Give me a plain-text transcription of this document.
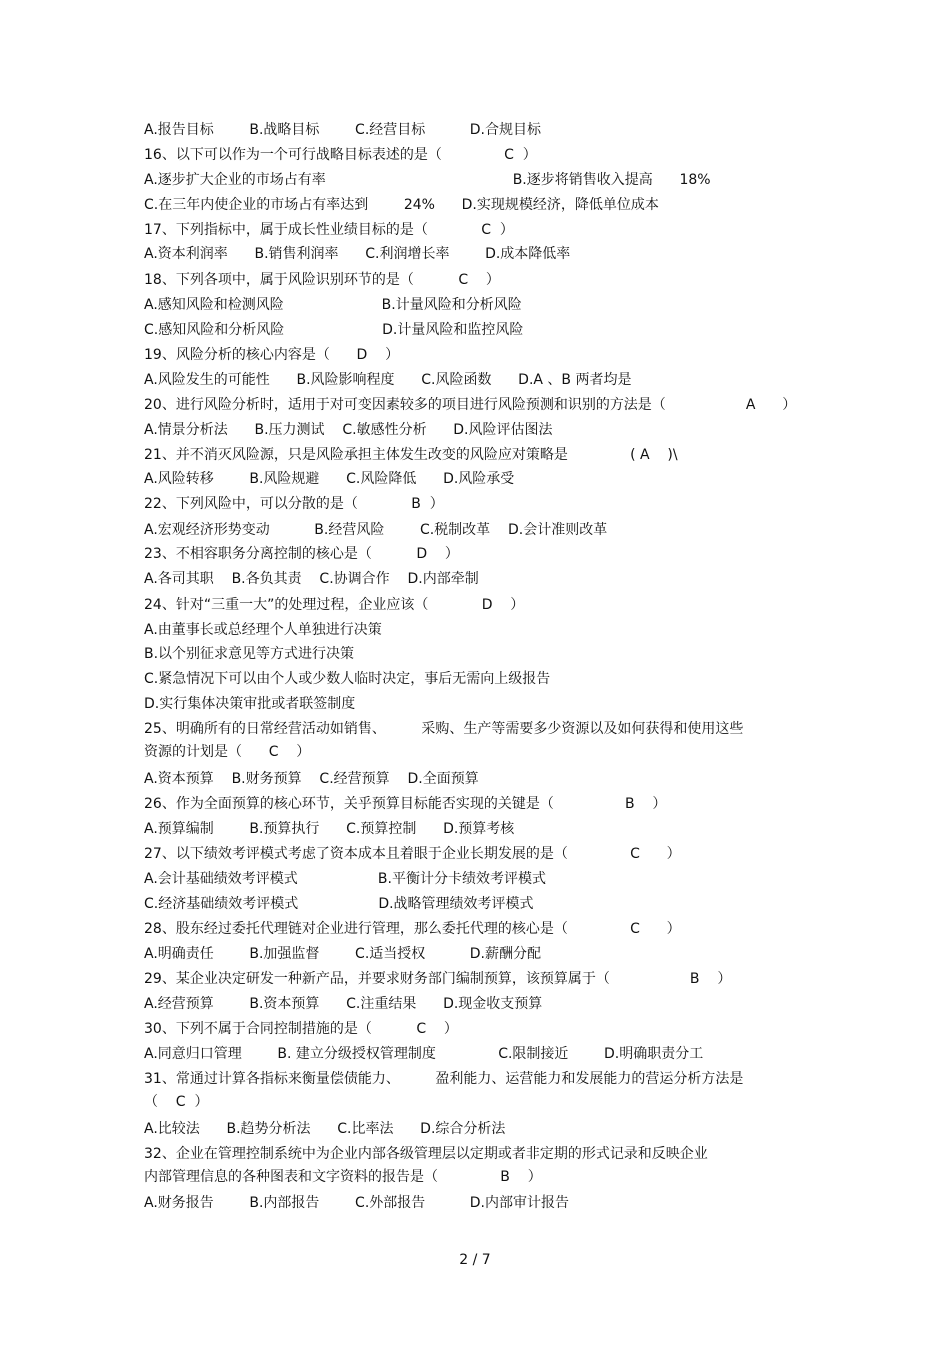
A.报告目标        B.战略目标        C.经营目标          D.合规目标
16、以下可以作为一个可行战略目标表述的是（              C  ）
A.逐步扩大企业的市场占有率                                          B.逐步将销售收入提高      18%
C.在三年内使企业的市场占有率达到        24%      D.实现规模经济，降低单位成本
17、下列指标中，属于成长性业绩目标的是（            C  ）
A.资本利润率      B.销售利润率      C.利润增长率        D.成本降低率
18、下列各项中，属于风险识别环节的是（          C    ）
A.感知风险和检测风险                      B.计量风险和分析风险
C.感知风险和分析风险                      D.计量风险和监控风险
19、风险分析的核心内容是（      D    ）
A.风险发生的可能性      B.风险影响程度      C.风险函数      D.A 、B 两者均是
20、进行风险分析时，适用于对可变因素较多的项目进行风险预测和识别的方法是（                  A      ）
A.情景分析法      B.压力测试    C.敏感性分析      D.风险评估图法
21、并不消灭风险源，只是风险承担主体发生改变的风险应对策略是              ( A    )\
A.风险转移        B.风险规避      C.风险降低      D.风险承受
22、下列风险中，可以分散的是（            B  ）
A.宏观经济形势变动          B.经营风险        C.税制改革    D.会计准则改革
23、不相容职务分离控制的核心是（          D    ）
A.各司其职    B.各负其责    C.协调合作    D.内部牵制
24、针对“三重一大”的处理过程，企业应该（            D    ）
A.由董事长或总经理个人单独进行决策
B.以个别征求意见等方式进行决策
C.紧急情况下可以由个人或少数人临时决定，事后无需向上级报告
D.实行集体决策审批或者联签制度
25、明确所有的日常经营活动如销售、        采购、生产等需要多少资源以及如何获得和使用这些
资源的计划是（      C    ）
A.资本预算    B.财务预算    C.经营预算    D.全面预算
26、作为全面预算的核心环节，关乎预算目标能否实现的关键是（                B    ）
A.预算编制        B.预算执行      C.预算控制      D.预算考核
27、以下绩效考评模式考虑了资本成本且着眼于企业长期发展的是（              C      ）
A.会计基础绩效考评模式                  B.平衡计分卡绩效考评模式
C.经济基础绩效考评模式                  D.战略管理绩效考评模式
28、股东经过委托代理链对企业进行管理，那么委托代理的核心是（              C      ）
A.明确责任        B.加强监督        C.适当授权          D.薪酬分配
29、某企业决定研发一种新产品，并要求财务部门编制预算，该预算属于（                  B    ）
A.经营预算        B.资本预算      C.注重结果      D.现金收支预算
30、下列不属于合同控制措施的是（          C    ）
A.同意归口管理        B. 建立分级授权管理制度              C.限制接近        D.明确职责分工
31、常通过计算各指标来衡量偿债能力、        盈利能力、运营能力和发展能力的营运分析方法是
（    C  ）
A.比较法      B.趋势分析法      C.比率法      D.综合分析法
32、企业在管理控制系统中为企业内部各级管理层以定期或者非定期的形式记录和反映企业
内部管理信息的各种图表和文字资料的报告是（              B    ）
A.财务报告        B.内部报告        C.外部报告          D.内部审计报告
2 / 7
